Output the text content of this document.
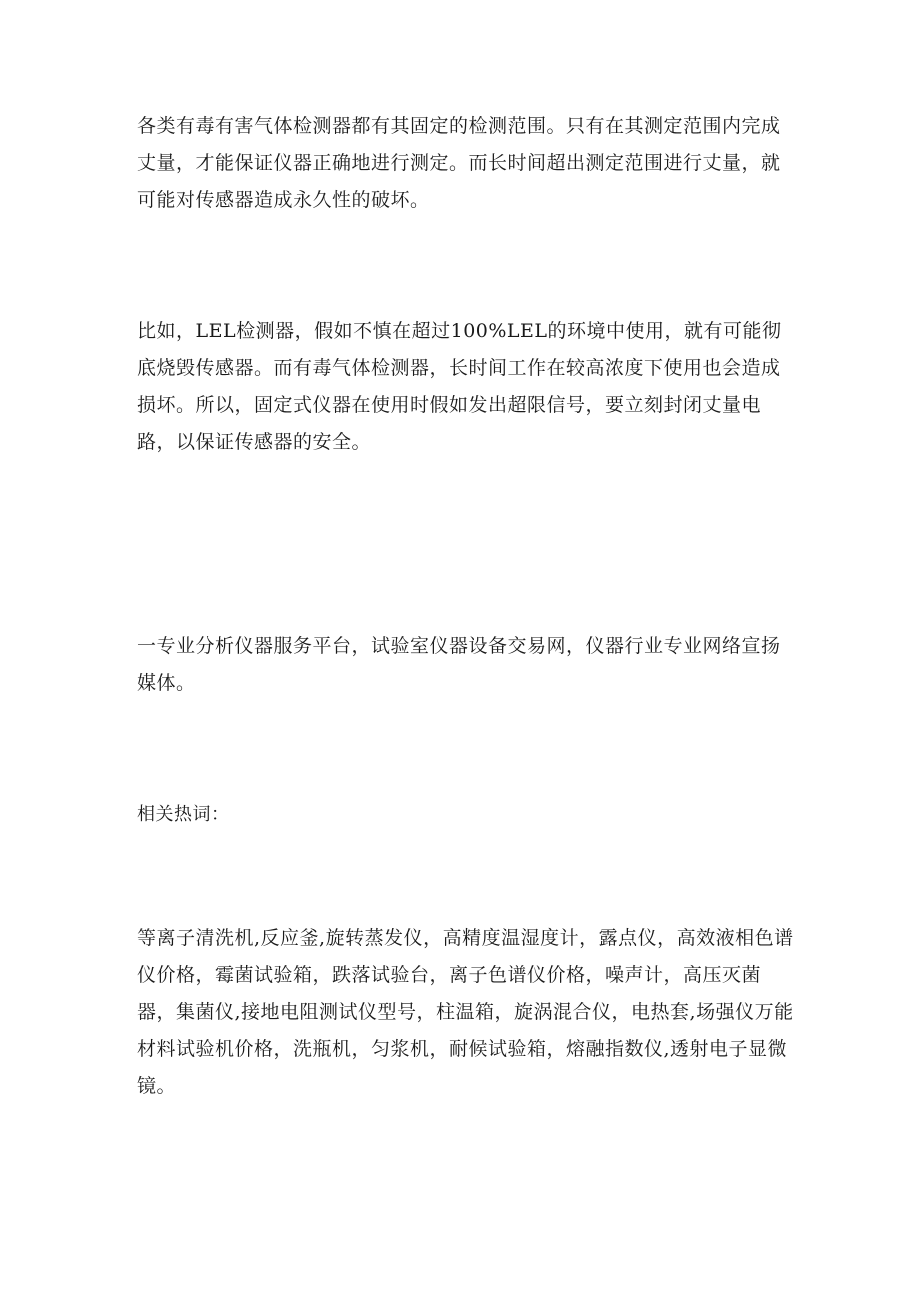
各类有毒有害气体检测器都有其固定的检测范围。只有在其测定范围内完成丈量，才能保证仪器正确地进行测定。而长时间超出测定范围进行丈量，就可能对传感器造成永久性的破坏。

比如，LEL检测器，假如不慎在超过100%LEL的环境中使用，就有可能彻底烧毁传感器。而有毒气体检测器，长时间工作在较高浓度下使用也会造成损坏。所以，固定式仪器在使用时假如发出超限信号，要立刻封闭丈量电路，以保证传感器的安全。

一专业分析仪器服务平台，试验室仪器设备交易网，仪器行业专业网络宣扬媒体。

相关热词：

等离子清洗机,反应釜,旋转蒸发仪，高精度温湿度计，露点仪，高效液相色谱仪价格，霉菌试验箱，跌落试验台，离子色谱仪价格，噪声计，高压灭菌器，集菌仪,接地电阻测试仪型号，柱温箱，旋涡混合仪，电热套,场强仪万能材料试验机价格，洗瓶机，匀浆机，耐候试验箱，熔融指数仪,透射电子显微镜。
